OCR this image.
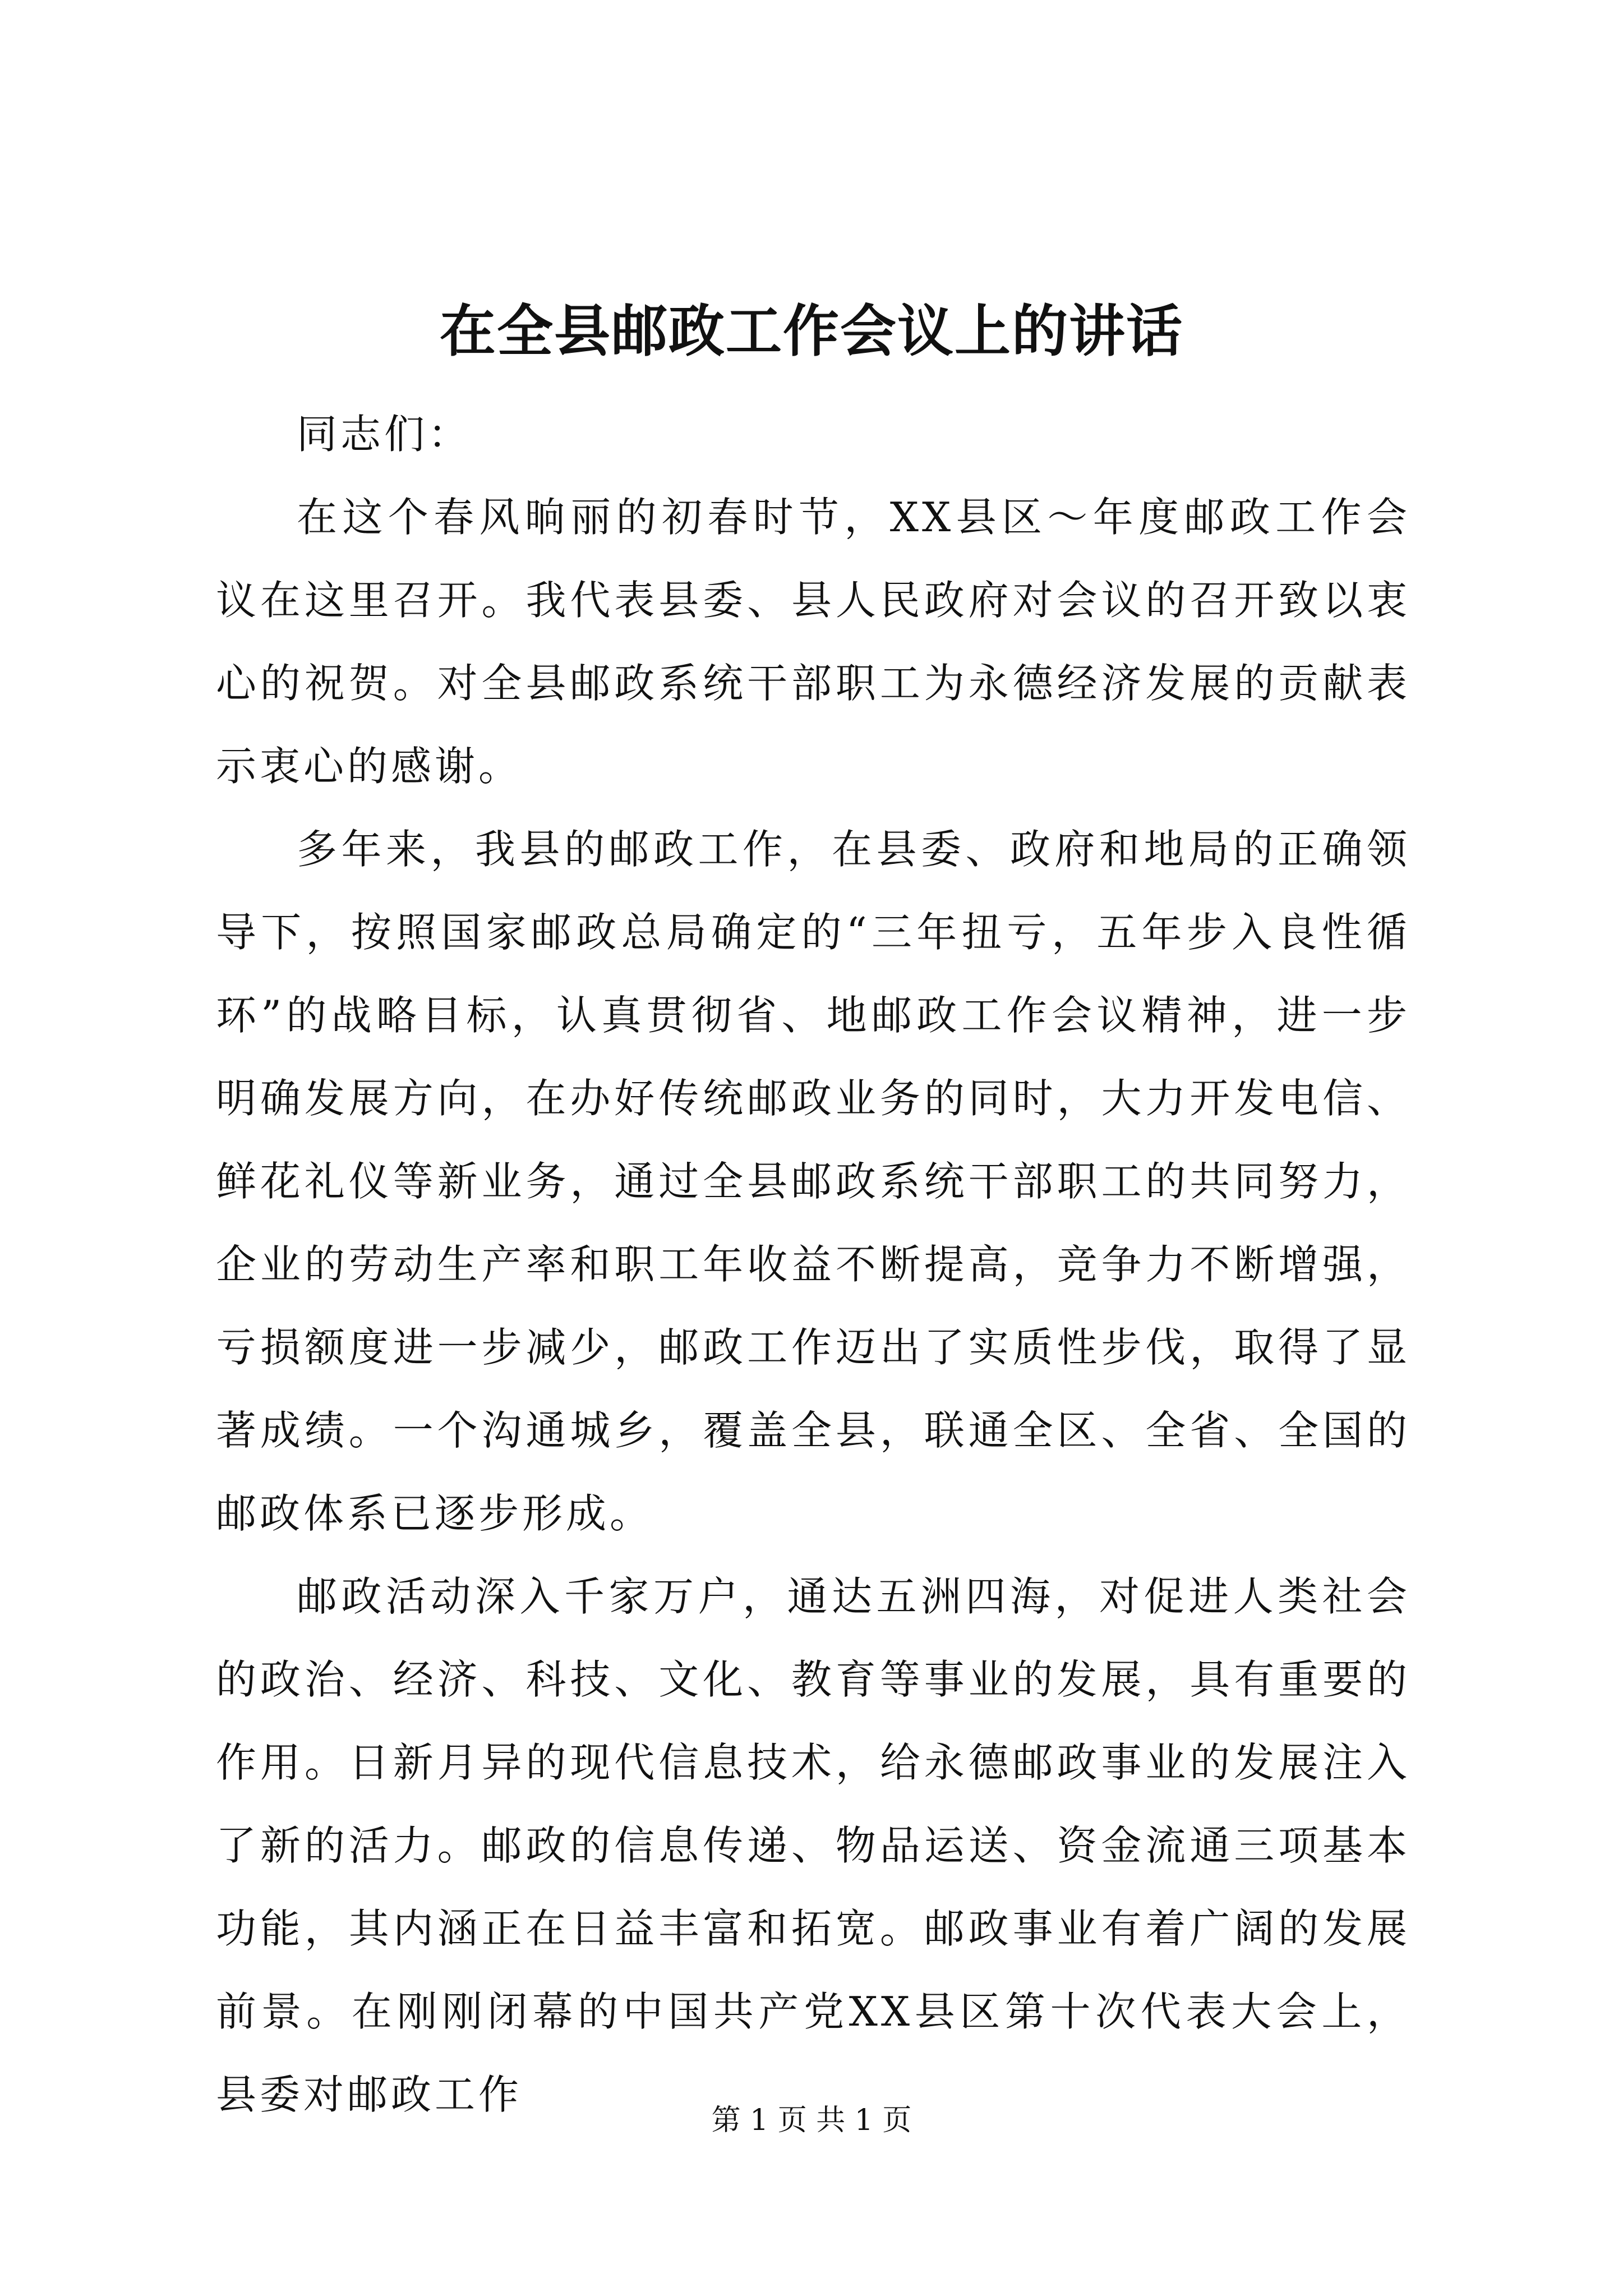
在全县邮政工作会议上的讲话

同志们：

在这个春风晌丽的初春时节，XX县区～年度邮政工作会议在这里召开。我代表县委、县人民政府对会议的召开致以衷心的祝贺。对全县邮政系统干部职工为永德经济发展的贡献表示衷心的感谢。

多年来，我县的邮政工作，在县委、政府和地局的正确领导下，按照国家邮政总局确定的“三年扭亏，五年步入良性循环”的战略目标，认真贯彻省、地邮政工作会议精神，进一步明确发展方向，在办好传统邮政业务的同时，大力开发电信、鲜花礼仪等新业务，通过全县邮政系统干部职工的共同努力，企业的劳动生产率和职工年收益不断提高，竞争力不断增强，亏损额度进一步减少，邮政工作迈出了实质性步伐，取得了显著成绩。一个沟通城乡，覆盖全县，联通全区、全省、全国的邮政体系已逐步形成。

邮政活动深入千家万户，通达五洲四海，对促进人类社会的政治、经济、科技、文化、教育等事业的发展，具有重要的作用。日新月异的现代信息技术，给永德邮政事业的发展注入了新的活力。邮政的信息传递、物品运送、资金流通三项基本功能，其内涵正在日益丰富和拓宽。邮政事业有着广阔的发展前景。在刚刚闭幕的中国共产党XX县区第十次代表大会上，县委对邮政工作

第 1 页 共 1 页
